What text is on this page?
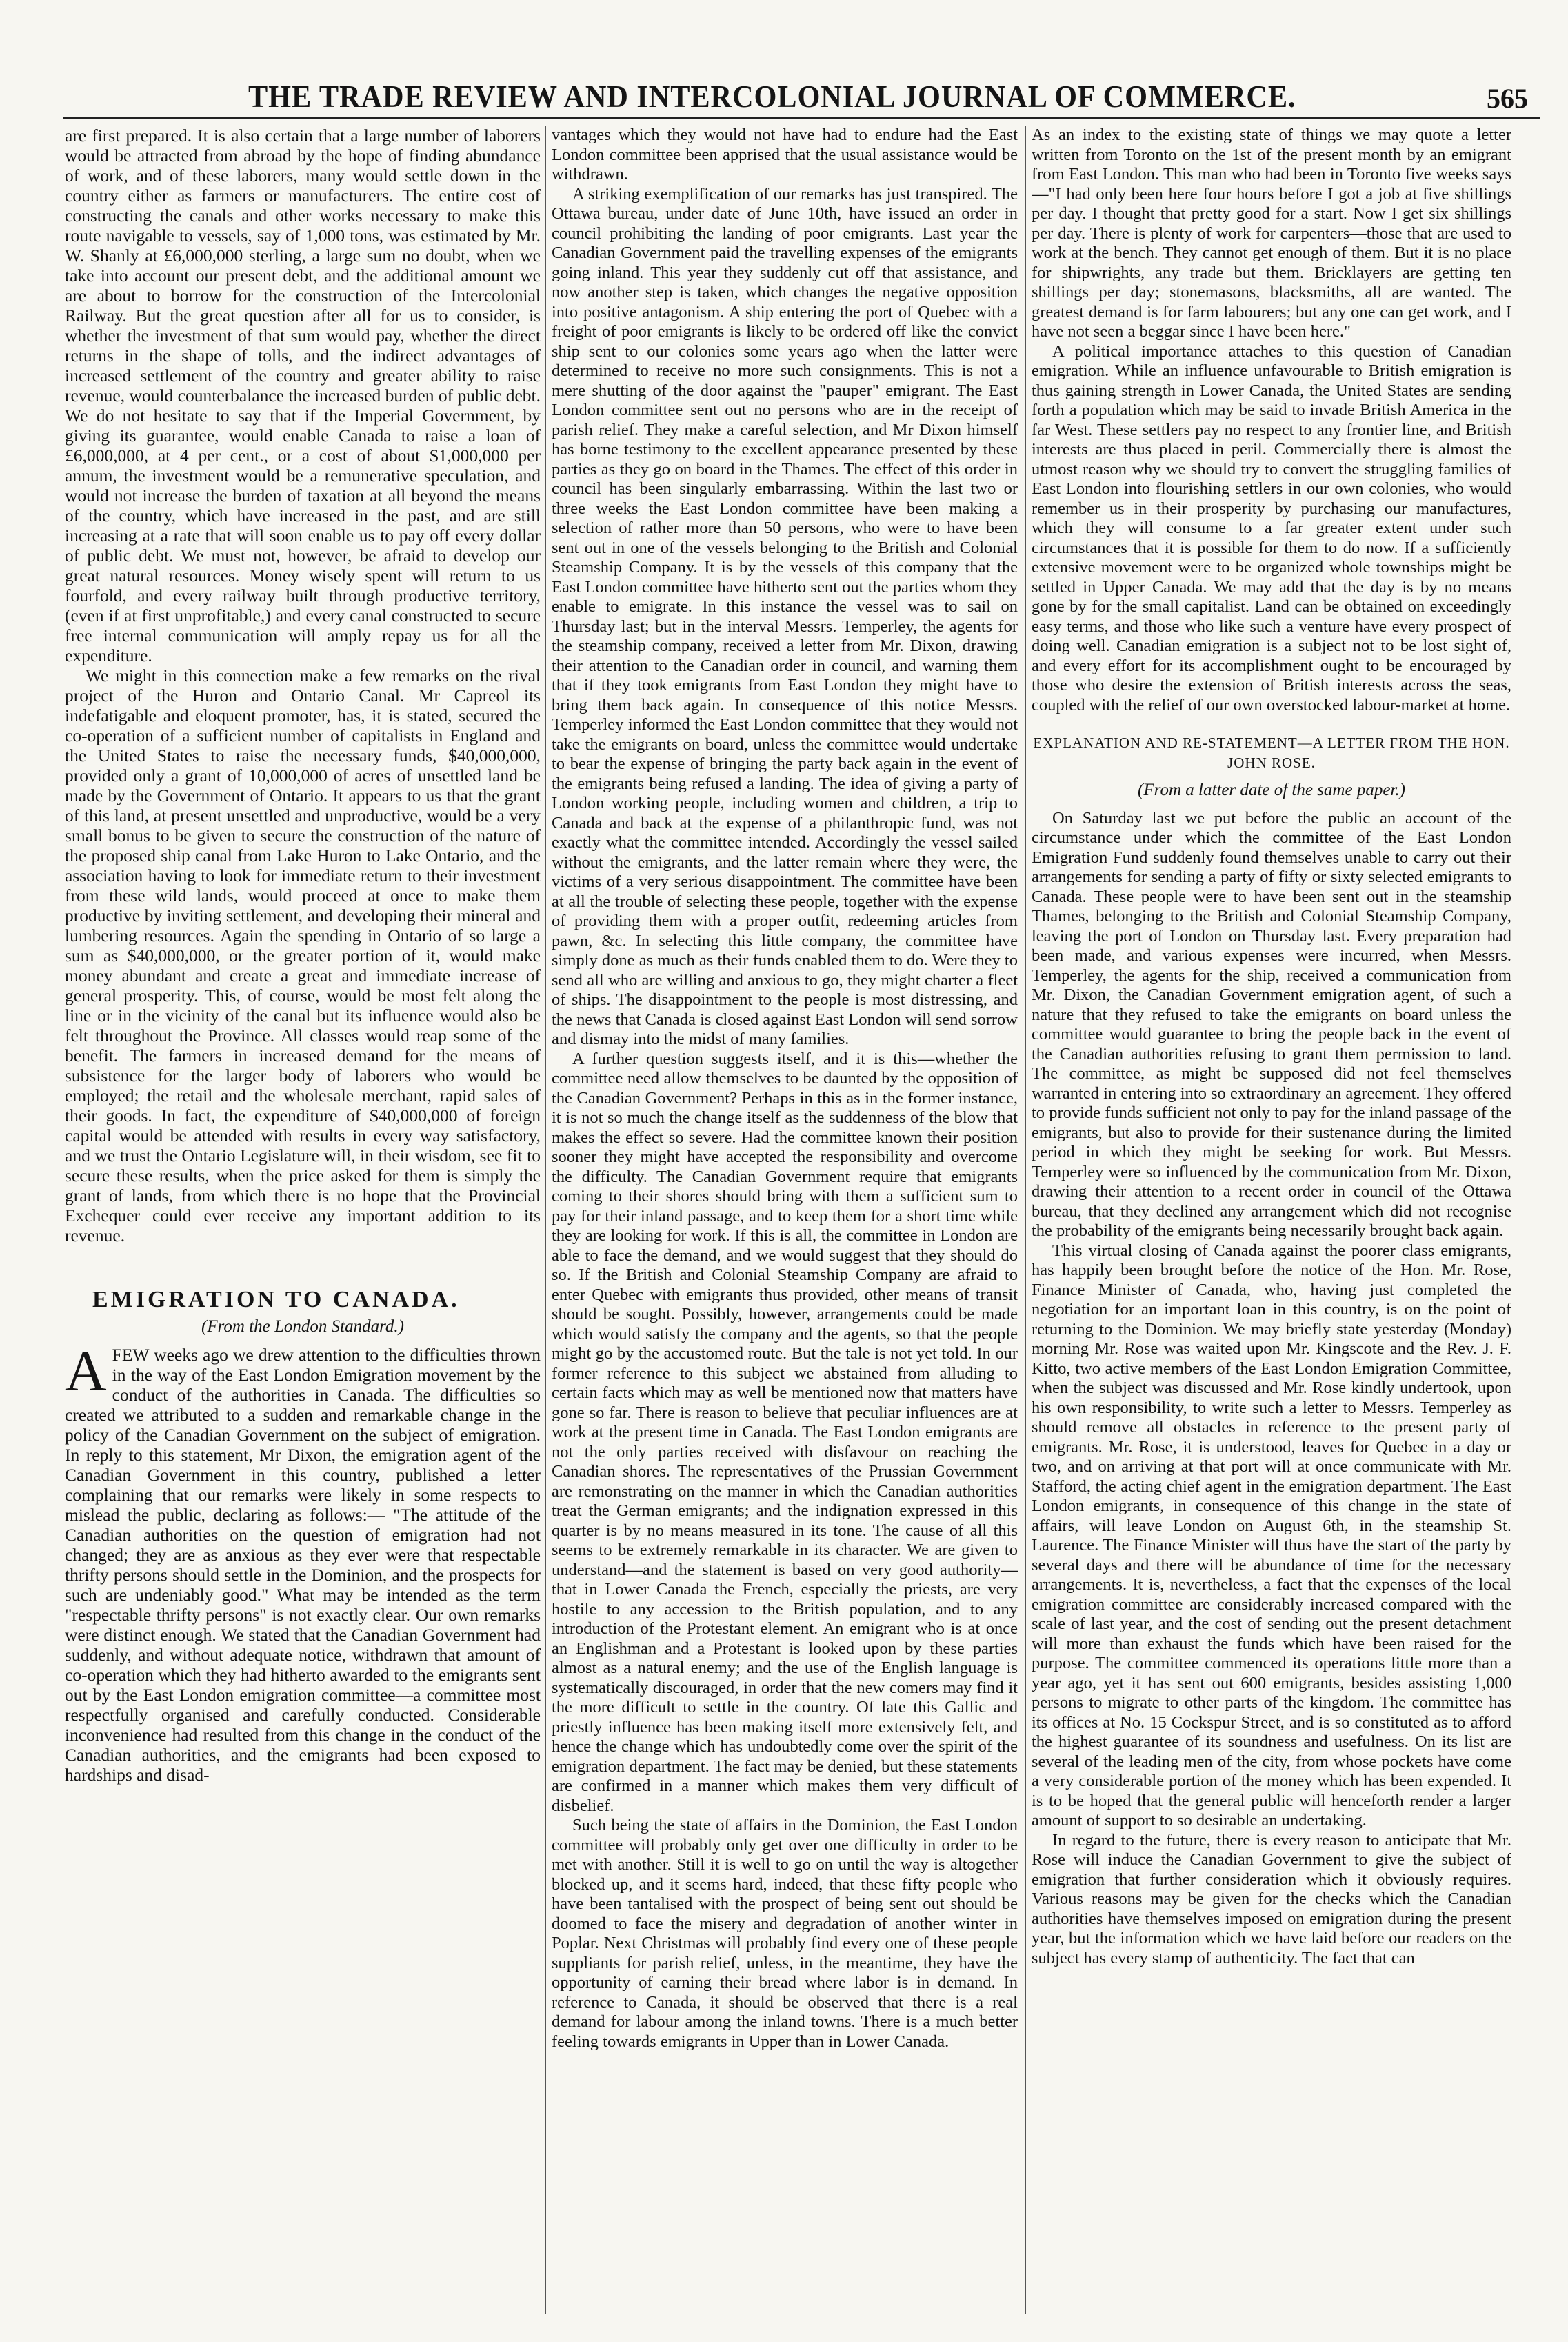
THE TRADE REVIEW AND INTERCOLONIAL JOURNAL OF COMMERCE.	565

are first prepared. It is also certain that a large number of laborers would be attracted from abroad by the hope of finding abundance of work, and of these laborers, many would settle down in the country either as farmers or manufacturers. The entire cost of constructing the canals and other works necessary to make this route navigable to vessels, say of 1,000 tons, was estimated by Mr. W. Shanly at £6,000,000 sterling, a large sum no doubt, when we take into account our present debt, and the additional amount we are about to borrow for the construction of the Intercolonial Railway. But the great question after all for us to consider, is whether the investment of that sum would pay, whether the direct returns in the shape of tolls, and the indirect advantages of increased settlement of the country and greater ability to raise revenue, would counterbalance the increased burden of public debt. We do not hesitate to say that if the Imperial Government, by giving its guarantee, would enable Canada to raise a loan of £6,000,000, at 4 per cent., or a cost of about $1,000,000 per annum, the investment would be a remunerative speculation, and would not increase the burden of taxation at all beyond the means of the country, which have increased in the past, and are still increasing at a rate that will soon enable us to pay off every dollar of public debt. We must not, however, be afraid to develop our great natural resources. Money wisely spent will return to us fourfold, and every railway built through productive territory, (even if at first unprofitable,) and every canal constructed to secure free internal communication will amply repay us for all the expenditure.

We might in this connection make a few remarks on the rival project of the Huron and Ontario Canal. Mr Capreol its indefatigable and eloquent promoter, has, it is stated, secured the co-operation of a sufficient number of capitalists in England and the United States to raise the necessary funds, $40,000,000, provided only a grant of 10,000,000 of acres of unsettled land be made by the Government of Ontario. It appears to us that the grant of this land, at present unsettled and unproductive, would be a very small bonus to be given to secure the construction of the nature of the proposed ship canal from Lake Huron to Lake Ontario, and the association having to look for immediate return to their investment from these wild lands, would proceed at once to make them productive by inviting settlement, and developing their mineral and lumbering resources. Again the spending in Ontario of so large a sum as $40,000,000, or the greater portion of it, would make money abundant and create a great and immediate increase of general prosperity. This, of course, would be most felt along the line or in the vicinity of the canal but its influence would also be felt throughout the Province. All classes would reap some of the benefit. The farmers in increased demand for the means of subsistence for the larger body of laborers who would be employed; the retail and the wholesale merchant, rapid sales of their goods. In fact, the expenditure of $40,000,000 of foreign capital would be attended with results in every way satisfactory, and we trust the Ontario Legislature will, in their wisdom, see fit to secure these results, when the price asked for them is simply the grant of lands, from which there is no hope that the Provincial Exchequer could ever receive any important addition to its revenue.

EMIGRATION TO CANADA.
(From the London Standard.)

AFEW weeks ago we drew attention to the difficulties thrown in the way of the East London Emigration movement by the conduct of the authorities in Canada. The difficulties so created we attributed to a sudden and remarkable change in the policy of the Canadian Government on the subject of emigration. In reply to this statement, Mr Dixon, the emigration agent of the Canadian Government in this country, published a letter complaining that our remarks were likely in some respects to mislead the public, declaring as follows:— "The attitude of the Canadian authorities on the question of emigration had not changed; they are as anxious as they ever were that respectable thrifty persons should settle in the Dominion, and the prospects for such are undeniably good." What may be intended as the term "respectable thrifty persons" is not exactly clear. Our own remarks were distinct enough. We stated that the Canadian Government had suddenly, and without adequate notice, withdrawn that amount of co-operation which they had hitherto awarded to the emigrants sent out by the East London emigration committee—a committee most respectfully organised and carefully conducted. Considerable inconvenience had resulted from this change in the conduct of the Canadian authorities, and the emigrants had been exposed to hardships and disad-

vantages which they would not have had to endure had the East London committee been apprised that the usual assistance would be withdrawn.

A striking exemplification of our remarks has just transpired. The Ottawa bureau, under date of June 10th, have issued an order in council prohibiting the landing of poor emigrants. Last year the Canadian Government paid the travelling expenses of the emigrants going inland. This year they suddenly cut off that assistance, and now another step is taken, which changes the negative opposition into positive antagonism. A ship entering the port of Quebec with a freight of poor emigrants is likely to be ordered off like the convict ship sent to our colonies some years ago when the latter were determined to receive no more such consignments. This is not a mere shutting of the door against the "pauper" emigrant. The East London committee sent out no persons who are in the receipt of parish relief. They make a careful selection, and Mr Dixon himself has borne testimony to the excellent appearance presented by these parties as they go on board in the Thames. The effect of this order in council has been singularly embarrassing. Within the last two or three weeks the East London committee have been making a selection of rather more than 50 persons, who were to have been sent out in one of the vessels belonging to the British and Colonial Steamship Company. It is by the vessels of this company that the East London committee have hitherto sent out the parties whom they enable to emigrate. In this instance the vessel was to sail on Thursday last; but in the interval Messrs. Temperley, the agents for the steamship company, received a letter from Mr. Dixon, drawing their attention to the Canadian order in council, and warning them that if they took emigrants from East London they might have to bring them back again. In consequence of this notice Messrs. Temperley informed the East London committee that they would not take the emigrants on board, unless the committee would undertake to bear the expense of bringing the party back again in the event of the emigrants being refused a landing. The idea of giving a party of London working people, including women and children, a trip to Canada and back at the expense of a philanthropic fund, was not exactly what the committee intended. Accordingly the vessel sailed without the emigrants, and the latter remain where they were, the victims of a very serious disappointment. The committee have been at all the trouble of selecting these people, together with the expense of providing them with a proper outfit, redeeming articles from pawn, &c. In selecting this little company, the committee have simply done as much as their funds enabled them to do. Were they to send all who are willing and anxious to go, they might charter a fleet of ships. The disappointment to the people is most distressing, and the news that Canada is closed against East London will send sorrow and dismay into the midst of many families.

A further question suggests itself, and it is this—whether the committee need allow themselves to be daunted by the opposition of the Canadian Government? Perhaps in this as in the former instance, it is not so much the change itself as the suddenness of the blow that makes the effect so severe. Had the committee known their position sooner they might have accepted the responsibility and overcome the difficulty. The Canadian Government require that emigrants coming to their shores should bring with them a sufficient sum to pay for their inland passage, and to keep them for a short time while they are looking for work. If this is all, the committee in London are able to face the demand, and we would suggest that they should do so. If the British and Colonial Steamship Company are afraid to enter Quebec with emigrants thus provided, other means of transit should be sought. Possibly, however, arrangements could be made which would satisfy the company and the agents, so that the people might go by the accustomed route. But the tale is not yet told. In our former reference to this subject we abstained from alluding to certain facts which may as well be mentioned now that matters have gone so far. There is reason to believe that peculiar influences are at work at the present time in Canada. The East London emigrants are not the only parties received with disfavour on reaching the Canadian shores. The representatives of the Prussian Government are remonstrating on the manner in which the Canadian authorities treat the German emigrants; and the indignation expressed in this quarter is by no means measured in its tone. The cause of all this seems to be extremely remarkable in its character. We are given to understand—and the statement is based on very good authority—that in Lower Canada the French, especially the priests, are very hostile to any accession to the British population, and to any introduction of the Protestant element. An emigrant who is at once an Englishman and a Protestant is looked upon by these parties almost as a natural enemy; and the use of the English language is systematically discouraged, in order that the new comers may find it the more difficult to settle in the country. Of late this Gallic and priestly influence has been making itself more extensively felt, and hence the change which has undoubtedly come over the spirit of the emigration department. The fact may be denied, but these statements are confirmed in a manner which makes them very difficult of disbelief.

Such being the state of affairs in the Dominion, the East London committee will probably only get over one difficulty in order to be met with another. Still it is well to go on until the way is altogether blocked up, and it seems hard, indeed, that these fifty people who have been tantalised with the prospect of being sent out should be doomed to face the misery and degradation of another winter in Poplar. Next Christmas will probably find every one of these people suppliants for parish relief, unless, in the meantime, they have the opportunity of earning their bread where labor is in demand. In reference to Canada, it should be observed that there is a real demand for labour among the inland towns. There is a much better feeling towards emigrants in Upper than in Lower Canada.

As an index to the existing state of things we may quote a letter written from Toronto on the 1st of the present month by an emigrant from East London. This man who had been in Toronto five weeks says—"I had only been here four hours before I got a job at five shillings per day. I thought that pretty good for a start. Now I get six shillings per day. There is plenty of work for carpenters—those that are used to work at the bench. They cannot get enough of them. But it is no place for shipwrights, any trade but them. Bricklayers are getting ten shillings per day; stonemasons, blacksmiths, all are wanted. The greatest demand is for farm labourers; but any one can get work, and I have not seen a beggar since I have been here."

A political importance attaches to this question of Canadian emigration. While an influence unfavourable to British emigration is thus gaining strength in Lower Canada, the United States are sending forth a population which may be said to invade British America in the far West. These settlers pay no respect to any frontier line, and British interests are thus placed in peril. Commercially there is almost the utmost reason why we should try to convert the struggling families of East London into flourishing settlers in our own colonies, who would remember us in their prosperity by purchasing our manufactures, which they will consume to a far greater extent under such circumstances that it is possible for them to do now. If a sufficiently extensive movement were to be organized whole townships might be settled in Upper Canada. We may add that the day is by no means gone by for the small capitalist. Land can be obtained on exceedingly easy terms, and those who like such a venture have every prospect of doing well. Canadian emigration is a subject not to be lost sight of, and every effort for its accomplishment ought to be encouraged by those who desire the extension of British interests across the seas, coupled with the relief of our own overstocked labour-market at home.

EXPLANATION AND RE-STATEMENT—A LETTER FROM THE HON. JOHN ROSE.
(From a latter date of the same paper.)

On Saturday last we put before the public an account of the circumstance under which the committee of the East London Emigration Fund suddenly found themselves unable to carry out their arrangements for sending a party of fifty or sixty selected emigrants to Canada. These people were to have been sent out in the steamship Thames, belonging to the British and Colonial Steamship Company, leaving the port of London on Thursday last. Every preparation had been made, and various expenses were incurred, when Messrs. Temperley, the agents for the ship, received a communication from Mr. Dixon, the Canadian Government emigration agent, of such a nature that they refused to take the emigrants on board unless the committee would guarantee to bring the people back in the event of the Canadian authorities refusing to grant them permission to land. The committee, as might be supposed did not feel themselves warranted in entering into so extraordinary an agreement. They offered to provide funds sufficient not only to pay for the inland passage of the emigrants, but also to provide for their sustenance during the limited period in which they might be seeking for work. But Messrs. Temperley were so influenced by the communication from Mr. Dixon, drawing their attention to a recent order in council of the Ottawa bureau, that they declined any arrangement which did not recognise the probability of the emigrants being necessarily brought back again.

This virtual closing of Canada against the poorer class emigrants, has happily been brought before the notice of the Hon. Mr. Rose, Finance Minister of Canada, who, having just completed the negotiation for an important loan in this country, is on the point of returning to the Dominion. We may briefly state yesterday (Monday) morning Mr. Rose was waited upon Mr. Kingscote and the Rev. J. F. Kitto, two active members of the East London Emigration Committee, when the subject was discussed and Mr. Rose kindly undertook, upon his own responsibility, to write such a letter to Messrs. Temperley as should remove all obstacles in reference to the present party of emigrants. Mr. Rose, it is understood, leaves for Quebec in a day or two, and on arriving at that port will at once communicate with Mr. Stafford, the acting chief agent in the emigration department. The East London emigrants, in consequence of this change in the state of affairs, will leave London on August 6th, in the steamship St. Laurence. The Finance Minister will thus have the start of the party by several days and there will be abundance of time for the necessary arrangements. It is, nevertheless, a fact that the expenses of the local emigration committee are considerably increased compared with the scale of last year, and the cost of sending out the present detachment will more than exhaust the funds which have been raised for the purpose. The committee commenced its operations little more than a year ago, yet it has sent out 600 emigrants, besides assisting 1,000 persons to migrate to other parts of the kingdom. The committee has its offices at No. 15 Cockspur Street, and is so constituted as to afford the highest guarantee of its soundness and usefulness. On its list are several of the leading men of the city, from whose pockets have come a very considerable portion of the money which has been expended. It is to be hoped that the general public will henceforth render a larger amount of support to so desirable an undertaking.

In regard to the future, there is every reason to anticipate that Mr. Rose will induce the Canadian Government to give the subject of emigration that further consideration which it obviously requires. Various reasons may be given for the checks which the Canadian authorities have themselves imposed on emigration during the present year, but the information which we have laid before our readers on the subject has every stamp of authenticity. The fact that can
